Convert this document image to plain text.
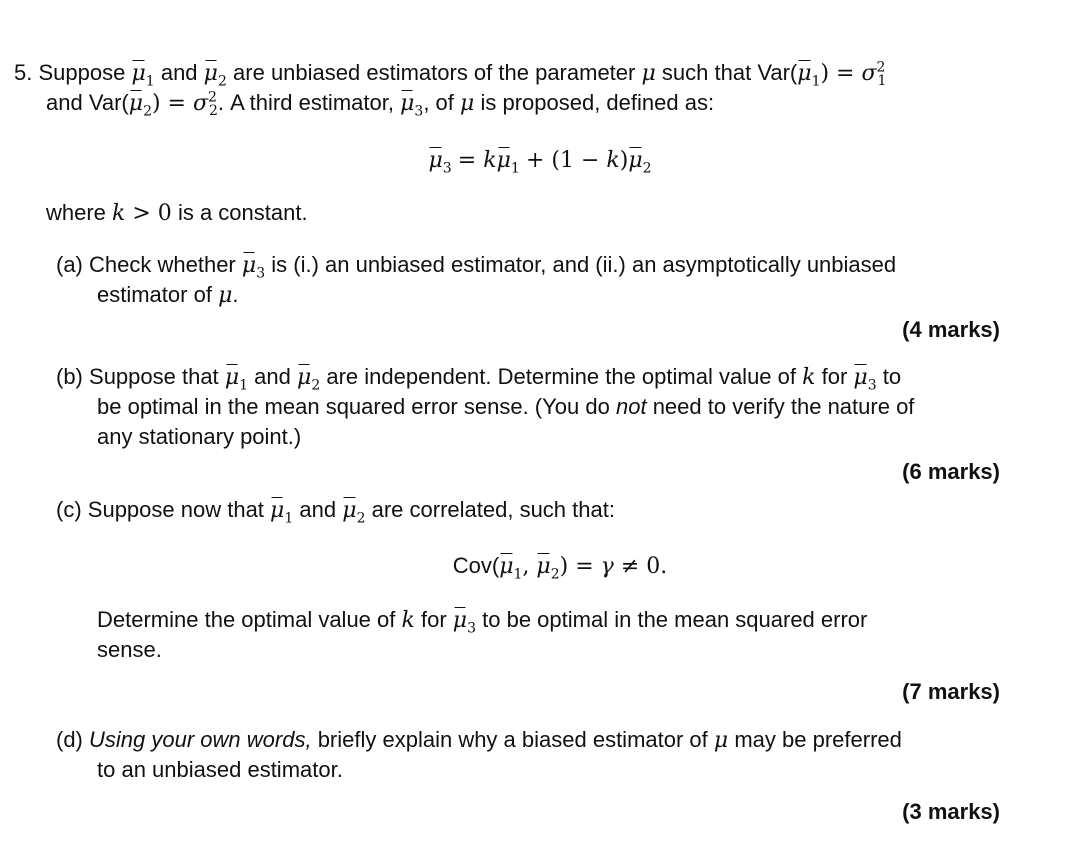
5. Suppose $\mu_1$ and $\mu_2$ are unbiased estimators of the parameter μ such that $Var(\mu_1) = \sigma^2_1$
and $Var(\mu_2) = \sigma^2_2$. A third estimator, $\mu_3$, of μ is proposed, defined as:
$\mu_3 = k\mu_1 + (1 - k)\mu_2$
where k > 0 is a constant.
(a) Check whether $\mu_3$ is (i.) an unbiased estimator, and (ii.) an asymptotically unbiased
estimator of μ.
(4 marks)
(b) Suppose that $\mu_1$ and $\mu_2$ are independent. Determine the optimal value of k for $\mu_3$ to
be optimal in the mean squared error sense. (You do not need to verify the nature of
any stationary point.)
(6 marks)
(c) Suppose now that $\mu_1$ and $\mu_2$ are correlated, such that:
$Cov(\mu_1$, $\mu_2) = \gamma \ne 0$.
Determine the optimal value of k for $\mu_3$ to be optimal in the mean squared error
sense.
(7 marks)
(d) Using your own words, briefly explain why a biased estimator of μ may be preferred
to an unbiased estimator.
(3 marks)
